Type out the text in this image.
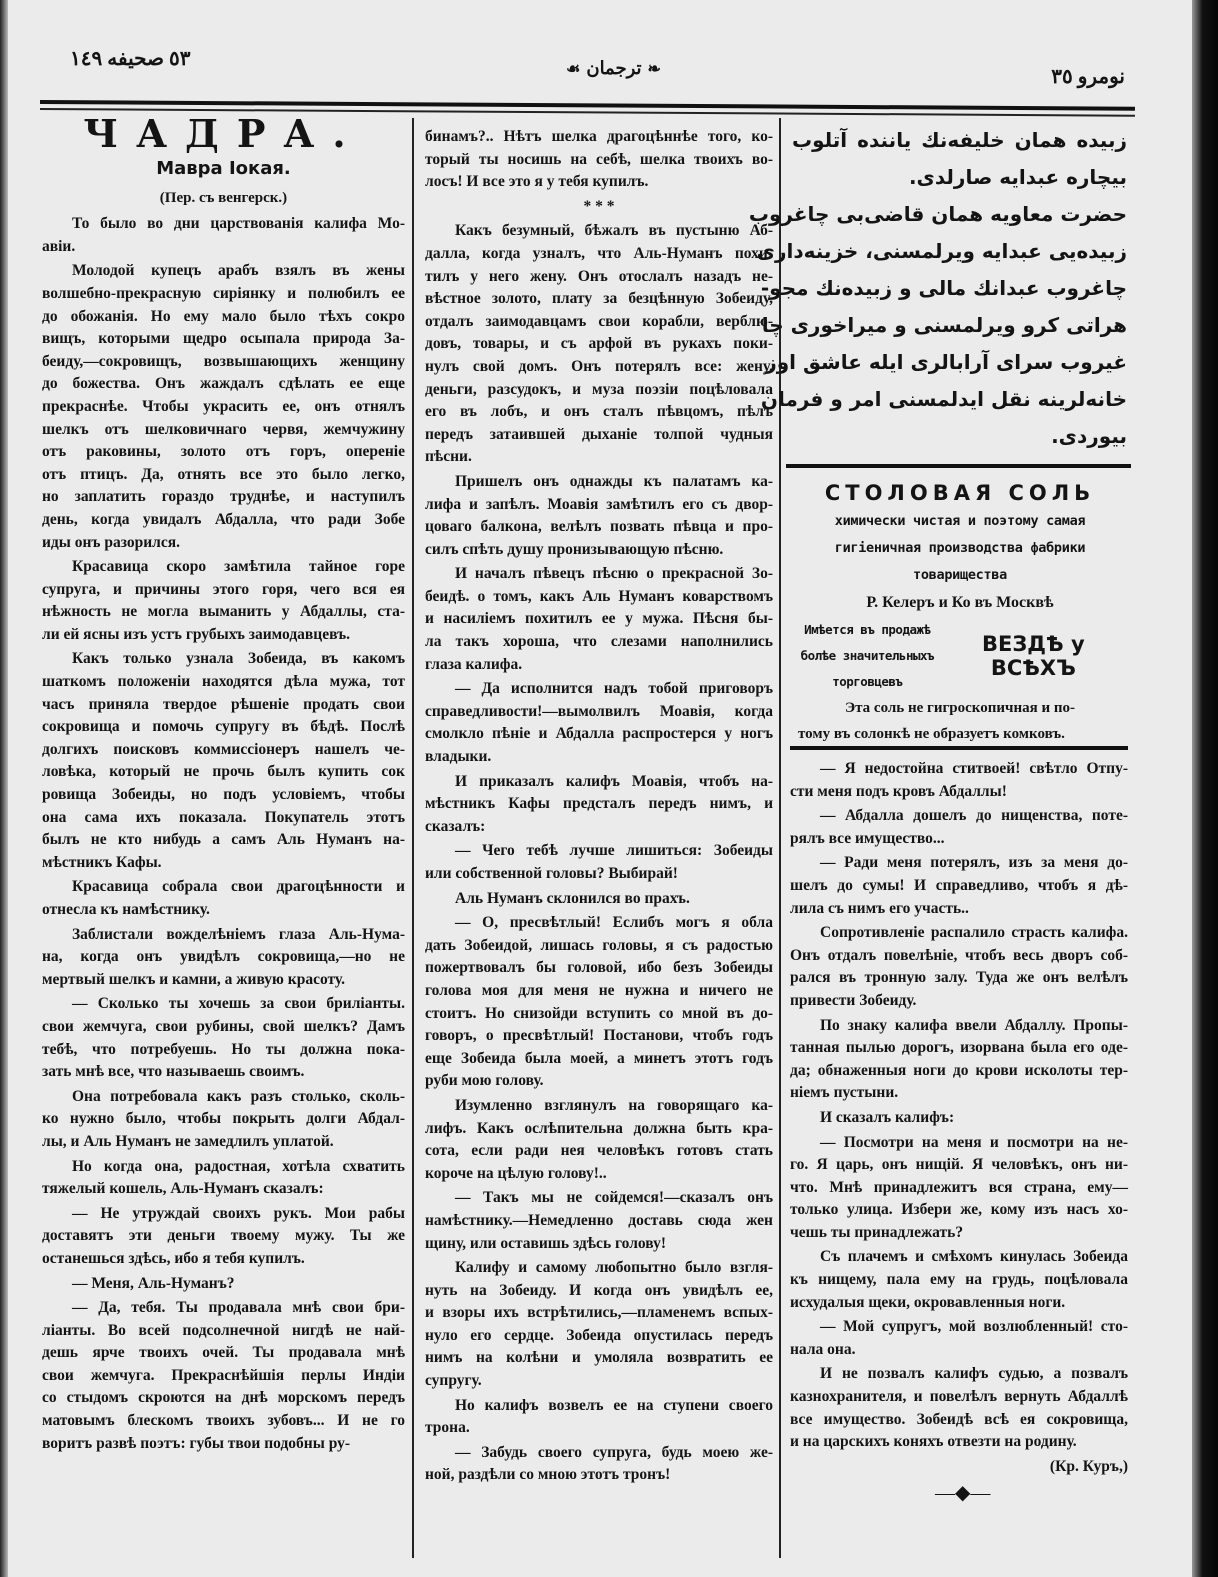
٥٣ صحیفه ١٤٩	❧ترجمان☙	نومرو ٣٥
ЧАДРА.
Мавра Iокая.
(Пер. съ венгерск.)
То было во дни царствованія калифа Мо-
авіи.
Молодой купецъ арабъ взялъ въ жены
волшебно-прекрасную сиріянку и полюбилъ ее
до обожанія. Но ему мало было тѣхъ сокро
вищъ, которыми щедро осыпала природа За-
беиду,—сокровищъ, возвышающихъ женщину
до божества. Онъ жаждалъ сдѣлать ее еще
прекраснѣе. Чтобы украсить ее, онъ отнялъ
шелкъ отъ шелковичнаго червя, жемчужину
отъ раковины, золото отъ горъ, опереніе
отъ птицъ. Да, отнять все это было легко,
но заплатить гораздо труднѣе, и наступилъ
день, когда увидалъ Абдалла, что ради Зобе
иды онъ разорился.
Красавица скоро замѣтила тайное горе
супруга, и причины этого горя, чего вся ея
нѣжность не могла выманить у Абдаллы, ста-
ли ей ясны изъ устъ грубыхъ заимодавцевъ.
Какъ только узнала Зобеида, въ какомъ
шаткомъ положеніи находятся дѣла мужа, тот
часъ приняла твердое рѣшеніе продать свои
сокровища и помочь супругу въ бѣдѣ. Послѣ
долгихъ поисковъ коммиссіонеръ нашелъ че-
ловѣка, который не прочь былъ купить сок
ровища Зобеиды, но подъ условіемъ, чтобы
она сама ихъ показала. Покупатель этотъ
былъ не кто нибудь а самъ Аль Нуманъ на-
мѣстникъ Кафы.
Красавица собрала свои драгоцѣнности и
отнесла къ намѣстнику.
Заблистали вожделѣніемъ глаза Аль-Нума-
на, когда онъ увидѣлъ сокровища,—но не
мертвый шелкъ и камни, а живую красоту.
— Сколько ты хочешь за свои бриліанты.
свои жемчуга, свои рубины, свой шелкъ? Дамъ
тебѣ, что потребуешь. Но ты должна пока-
зать мнѣ все, что называешь своимъ.
Она потребовала какъ разъ столько, сколь-
ко нужно было, чтобы покрыть долги Абдал-
лы, и Аль Нуманъ не замедлилъ уплатой.
Но когда она, радостная, хотѣла схватить
тяжелый кошель, Аль-Нуманъ сказалъ:
— Не утруждай своихъ рукъ. Мои рабы
доставятъ эти деньги твоему мужу. Ты же
останешься здѣсь, ибо я тебя купилъ.
— Меня, Аль-Нуманъ?
— Да, тебя. Ты продавала мнѣ свои бри-
ліанты. Во всей подсолнечной нигдѣ не най-
дешь ярче твоихъ очей. Ты продавала мнѣ
свои жемчуга. Прекраснѣйшія перлы Индіи
со стыдомъ скроются на днѣ морскомъ передъ
матовымъ блескомъ твоихъ зубовъ... И не го
воритъ развѣ поэтъ: губы твои подобны ру-
бинамъ?.. Нѣтъ шелка драгоцѣннѣе того, ко-
торый ты носишь на себѣ, шелка твоихъ во-
лосъ! И все это я у тебя купилъ.
* * *
Какъ безумный, бѣжалъ въ пустыню Аб-
далла, когда узналъ, что Аль-Нуманъ похи-
тилъ у него жену. Онъ отослалъ назадъ не-
вѣстное золото, плату за безцѣнную Зобеиду,
отдалъ заимодавцамъ свои корабли, верблю-
довъ, товары, и съ арфой въ рукахъ поки-
нулъ свой домъ. Онъ потерялъ все: жену,
деньги, разсудокъ, и муза поэзіи поцѣловала
его въ лобъ, и онъ сталъ пѣвцомъ, пѣлъ
передъ затаившей дыханіе толпой чудныя
пѣсни.
Пришелъ онъ однажды къ палатамъ ка-
лифа и запѣлъ. Моавія замѣтилъ его съ двор-
цоваго балкона, велѣлъ позвать пѣвца и про-
силъ спѣть душу пронизывающую пѣсню.
И началъ пѣвецъ пѣсню о прекрасной Зо-
беидѣ. о томъ, какъ Аль Нуманъ коварствомъ
и насиліемъ похитилъ ее у мужа. Пѣсня бы-
ла такъ хороша, что слезами наполнились
глаза калифа.
— Да исполнится надъ тобой приговоръ
справедливости!—вымолвилъ Моавія, когда
смолкло пѣніе и Абдалла распростерся у ногъ
владыки.
И приказалъ калифъ Моавія, чтобъ на-
мѣстникъ Кафы предсталъ передъ нимъ, и
сказалъ:
— Чего тебѣ лучше лишиться: Зобеиды
или собственной головы? Выбирай!
Аль Нуманъ склонился во прахъ.
— О, пресвѣтлый! Еслибъ могъ я обла
дать Зобеидой, лишась головы, я съ радостью
пожертвовалъ бы головой, ибо безъ Зобеиды
голова моя для меня не нужна и ничего не
стоитъ. Но снизойди вступить со мной въ до-
говоръ, о пресвѣтлый! Постанови, чтобъ годъ
еще Зобеида была моей, а минетъ этотъ годъ
руби мою голову.
Изумленно взглянулъ на говорящаго ка-
лифъ. Какъ ослѣпительна должна быть кра-
сота, если ради нея человѣкъ готовъ стать
короче на цѣлую голову!..
— Такъ мы не сойдемся!—сказалъ онъ
намѣстнику.—Немедленно доставь сюда жен
щину, или оставишь здѣсь голову!
Калифу и самому любопытно было взгля-
нуть на Зобеиду. И когда онъ увидѣлъ ее,
и взоры ихъ встрѣтились,—пламенемъ вспых-
нуло его сердце. Зобеида опустилась передъ
нимъ на колѣни и умоляла возвратить ее
супругу.
Но калифъ возвелъ ее на ступени своего
трона.
— Забудь своего супруга, будь моею же-
ной, раздѣли со мною этотъ тронъ!
زبیده همان خلیفه‌نك یاننده آتلوب
بیچاره عبدایه صارلدی.
حضرت معاویه همان قاضی‌بی چاغروب
زبیده‌یی عبدایه ویرلمسنی، خزینه‌داری
چاغروب عبدانك مالی و زبیده‌نك مجو-
هراتی کرو ویرلمسنی و میراخوری چا
غیروب سرای آرابالری ایله عاشق اوز
خانه‌لرینه نقل ایدلمسنی امر و فرمان
بیوردی.
СТОЛОВАЯ СОЛЬ
химически чистая и поэтому самая
гигіеничная производства фабрики
товарищества
Р. Келеръ и Ко въ Москвѣ
Имѣется въ продажѣ
болѣе значительныхъ
торговцевъ
ВЕЗДѢ у ВСѢХЪ
Эта соль не гигроскопичная и по-
тому въ солонкѣ не образуетъ комковъ.
— Я недостойна ститвоей! свѣтло Отпу-
сти меня подъ кровъ Абдаллы!
— Абдалла дошелъ до нищенства, поте-
рялъ все имущество...
— Ради меня потерялъ, изъ за меня до-
шелъ до сумы! И справедливо, чтобъ я дѣ-
лила съ нимъ его участь..
Сопротивленіе распалило страсть калифа.
Онъ отдалъ повелѣніе, чтобъ весь дворъ соб-
рался въ тронную залу. Туда же онъ велѣлъ
привести Зобеиду.
По знаку калифа ввели Абдаллу. Пропы-
танная пылью дорогъ, изорвана была его оде-
да; обнаженныя ноги до крови исколоты тер-
ніемъ пустыни.
И сказалъ калифъ:
— Посмотри на меня и посмотри на не-
го. Я царь, онъ нищій. Я человѣкъ, онъ ни-
что. Мнѣ принадлежитъ вся страна, ему—
только улица. Избери же, кому изъ насъ хо-
чешь ты принадлежать?
Съ плачемъ и смѣхомъ кинулась Зобеида
къ нищему, пала ему на грудь, поцѣловала
исхудалыя щеки, окровавленныя ноги.
— Мой супругъ, мой возлюбленный! сто-
нала она.
И не позвалъ калифъ судью, а позвалъ
казнохранителя, и повелѣлъ вернуть Абдаллѣ
все имущество. Зобеидѣ всѣ ея сокровища,
и на царскихъ коняхъ отвезти на родину.
(Кр. Куръ,)
—◆—
